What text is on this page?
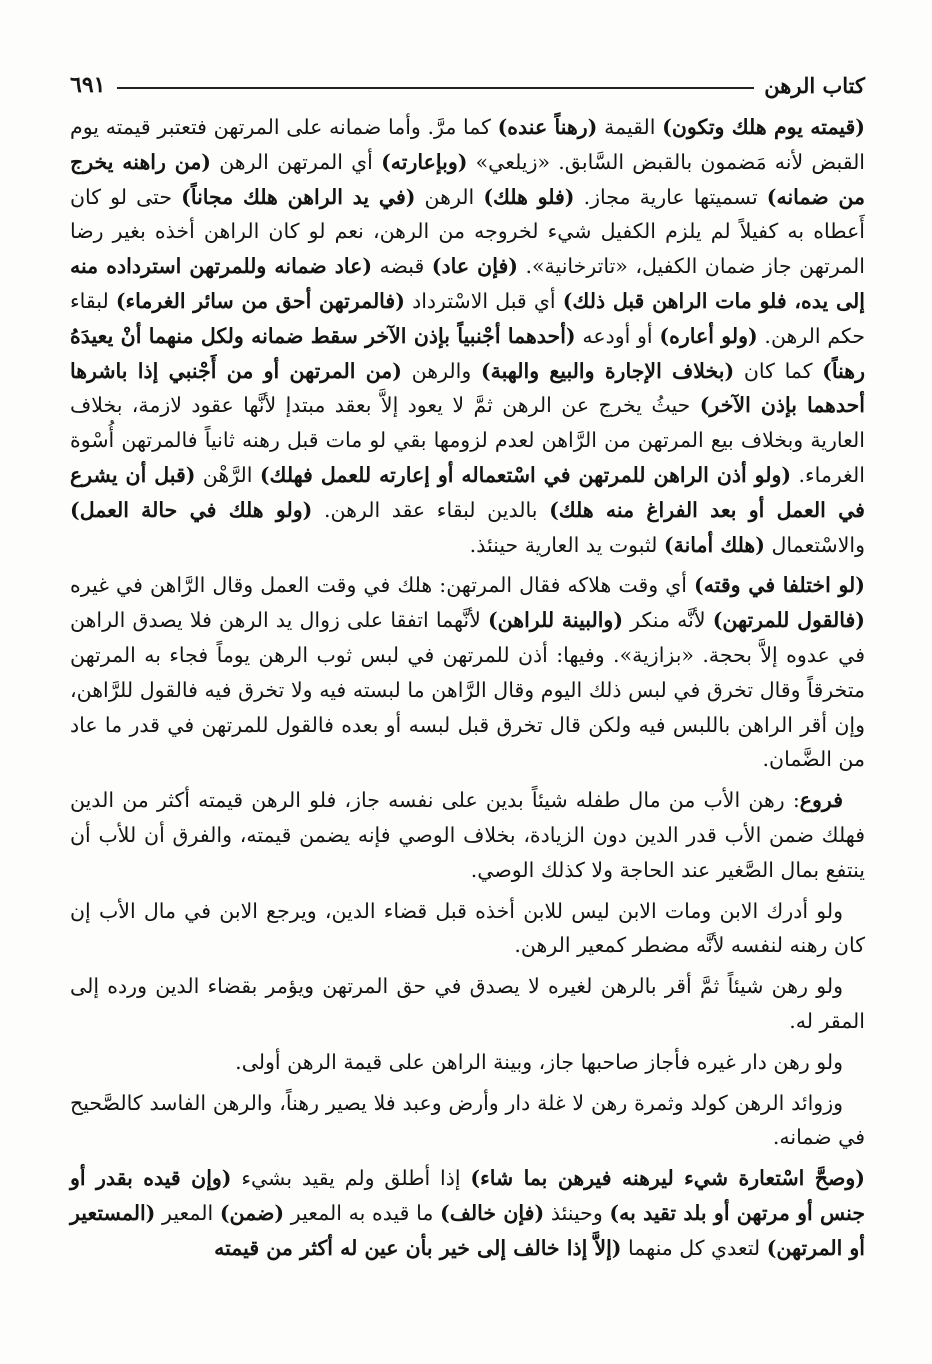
كتاب الرهن
٦٩١

(قيمته يوم هلك وتكون) القيمة (رهناً عنده) كما مرَّ. وأما ضمانه على المرتهن فتعتبر قيمته يوم القبض لأنه مَضمون بالقبض السَّابق. «زيلعي» (وبإعارته) أي المرتهن الرهن (من راهنه يخرج من ضمانه) تسميتها عارية مجاز. (فلو هلك) الرهن (في يد الراهن هلك مجاناً) حتى لو كان أَعطاه به كفيلاً لم يلزم الكفيل شيء لخروجه من الرهن، نعم لو كان الراهن أخذه بغير رضا المرتهن جاز ضمان الكفيل، «تاترخانية». (فإن عاد) قبضه (عاد ضمانه وللمرتهن استرداده منه إلى يده، فلو مات الراهن قبل ذلك) أي قبل الاسْترداد (فالمرتهن أحق من سائر الغرماء) لبقاء حكم الرهن. (ولو أعاره) أو أودعه (أحدهما أجْنبياً بإذن الآخر سقط ضمانه ولكل منهما أنْ يعيدَهُ رهناً) كما كان (بخلاف الإجارة والبيع والهبة) والرهن (من المرتهن أو من أَجْنبي إذا باشرها أحدهما بإذن الآخر) حيثُ يخرج عن الرهن ثمَّ لا يعود إلاَّ بعقد مبتدإ لأنَّها عقود لازمة، بخلاف العارية وبخلاف بيع المرتهن من الرَّاهن لعدم لزومها بقي لو مات قبل رهنه ثانياً فالمرتهن أُسْوة الغرماء. (ولو أذن الراهن للمرتهن في اسْتعماله أو إعارته للعمل فهلك) الرَّهْن (قبل أن يشرع في العمل أو بعد الفراغ منه هلك) بالدين لبقاء عقد الرهن. (ولو هلك في حالة العمل) والاسْتعمال (هلك أمانة) لثبوت يد العارية حينئذ.

(لو اختلفا في وقته) أي وقت هلاكه فقال المرتهن: هلك في وقت العمل وقال الرَّاهن في غيره (فالقول للمرتهن) لأنَّه منكر (والبينة للراهن) لأنَّهما اتفقا على زوال يد الرهن فلا يصدق الراهن في عدوه إلاَّ بحجة. «بزازية». وفيها: أذن للمرتهن في لبس ثوب الرهن يوماً فجاء به المرتهن متخرقاً وقال تخرق في لبس ذلك اليوم وقال الرَّاهن ما لبسته فيه ولا تخرق فيه فالقول للرَّاهن، وإن أقر الراهن باللبس فيه ولكن قال تخرق قبل لبسه أو بعده فالقول للمرتهن في قدر ما عاد من الضَّمان.

فروع: رهن الأب من مال طفله شيئاً بدين على نفسه جاز، فلو الرهن قيمته أكثر من الدين فهلك ضمن الأب قدر الدين دون الزيادة، بخلاف الوصي فإنه يضمن قيمته، والفرق أن للأب أن ينتفع بمال الصَّغير عند الحاجة ولا كذلك الوصي.

ولو أدرك الابن ومات الابن ليس للابن أخذه قبل قضاء الدين، ويرجع الابن في مال الأب إن كان رهنه لنفسه لأنَّه مضطر كمعير الرهن.

ولو رهن شيئاً ثمَّ أقر بالرهن لغيره لا يصدق في حق المرتهن ويؤمر بقضاء الدين ورده إلى المقر له.

ولو رهن دار غيره فأجاز صاحبها جاز، وبينة الراهن على قيمة الرهن أولى.

وزوائد الرهن كولد وثمرة رهن لا غلة دار وأرض وعبد فلا يصير رهناً، والرهن الفاسد كالصَّحيح في ضمانه.

(وصحَّ اسْتعارة شيء ليرهنه فيرهن بما شاء) إذا أطلق ولم يقيد بشيء (وإن قيده بقدر أو جنس أو مرتهن أو بلد تقيد به) وحينئذ (فإن خالف) ما قيده به المعير (ضمن) المعير (المستعير أو المرتهن) لتعدي كل منهما (إلاَّ إذا خالف إلى خير بأن عين له أكثر من قيمته
